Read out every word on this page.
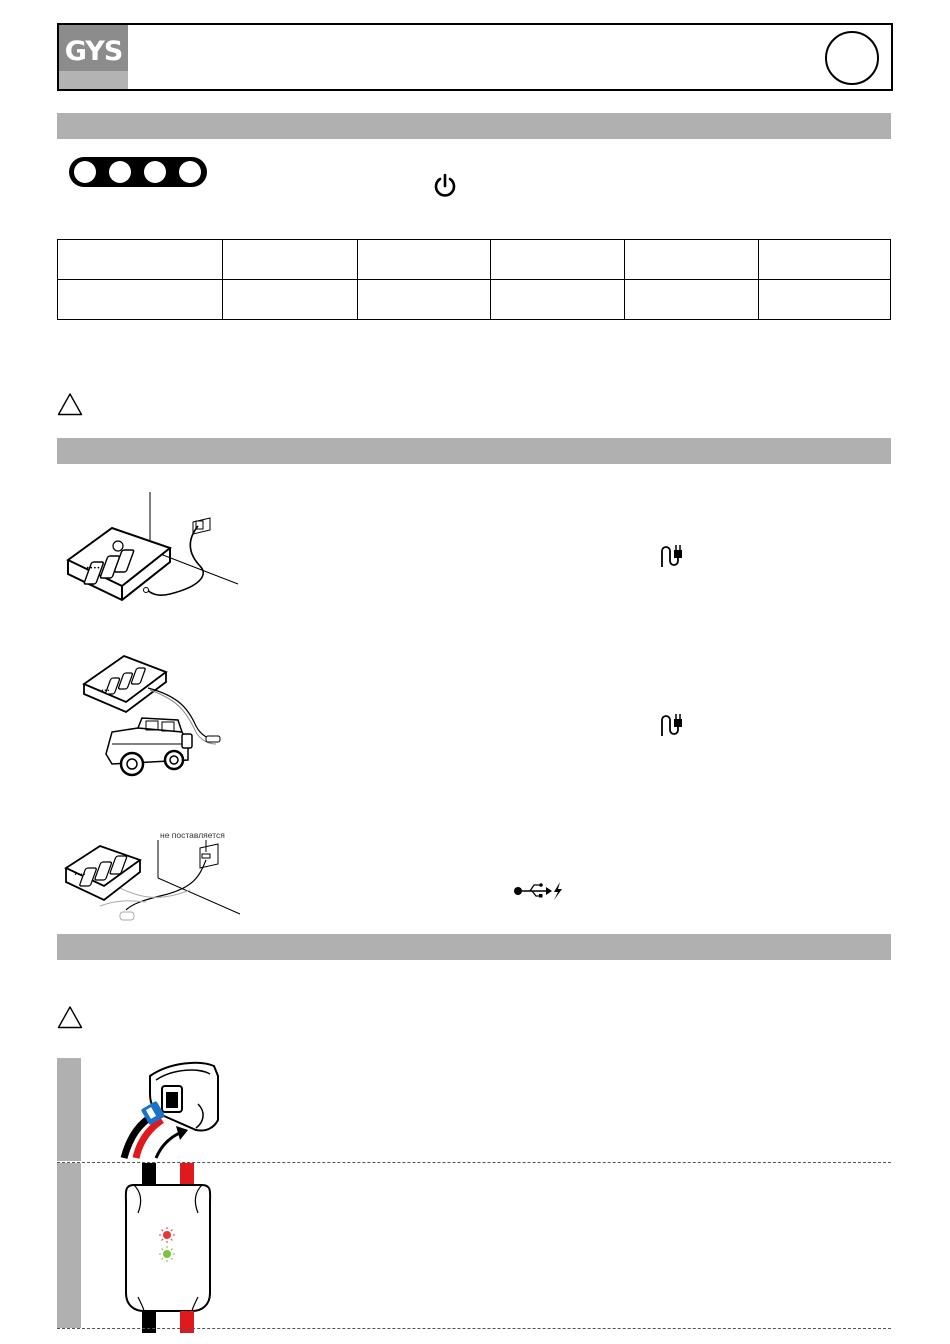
GYS

••••
••••
не поставляется
••••
